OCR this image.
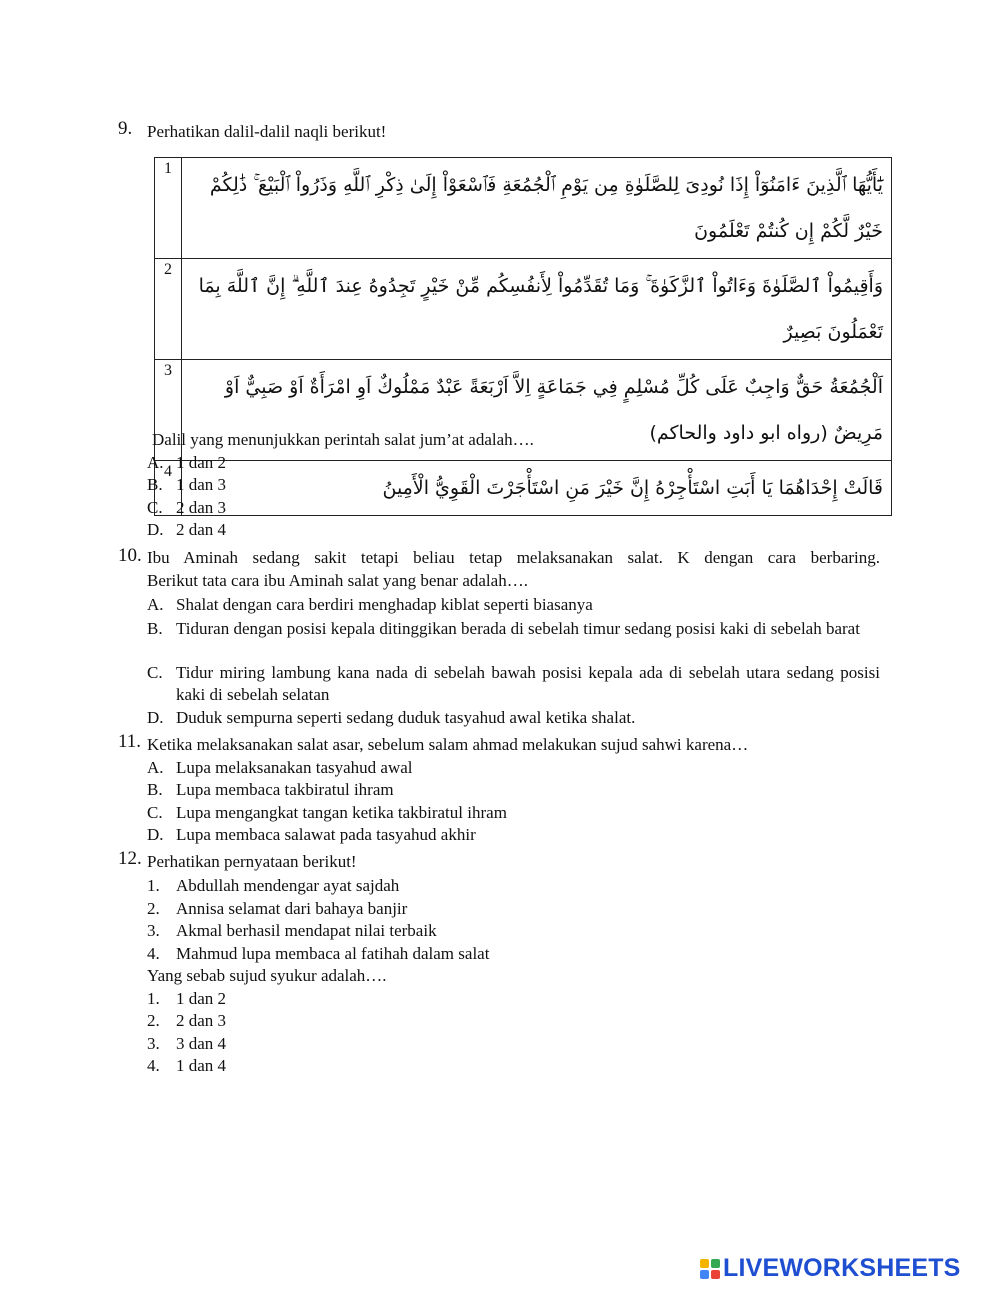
9. Perhatikan dalil-dalil naqli berikut!
1	يَٰٓأَيُّهَا ٱلَّذِينَ ءَامَنُوٓاْ إِذَا نُودِىَ لِلصَّلَوٰةِ مِن يَوْمِ ٱلْجُمُعَةِ فَٱسْعَوْاْ إِلَىٰ ذِكْرِ ٱللَّهِ وَذَرُواْ ٱلْبَيْعَ ۚ ذَٰلِكُمْ خَيْرٌ لَّكُمْ إِن كُنتُمْ تَعْلَمُونَ
2	وَأَقِيمُواْ ٱلصَّلَوٰةَ وَءَاتُواْ ٱلزَّكَوٰةَ ۚ وَمَا تُقَدِّمُواْ لِأَنفُسِكُم مِّنْ خَيْرٍ تَجِدُوهُ عِندَ ٱللَّهِ ۗ إِنَّ ٱللَّهَ بِمَا تَعْمَلُونَ بَصِيرٌ
3	اَلْجُمُعَةُ حَقٌّ وَاجِبٌ عَلَى كُلِّ مُسْلِمٍ فِي جَمَاعَةٍ اِلاَّ اَرْبَعَةً عَبْدٌ مَمْلُوكٌ اَوِ امْرَأَةٌ اَوْ صَبِيٌّ اَوْ مَرِيضٌ (رواه ابو داود والحاكم)
4	قَالَتْ إِحْدَاهُمَا يَا أَبَتِ اسْتَأْجِرْهُ إِنَّ خَيْرَ مَنِ اسْتَأْجَرْتَ الْقَوِيُّ الْأَمِينُ
Dalil yang menunjukkan perintah salat jum’at adalah….
A. 1 dan 2
B. 1 dan 3
C. 2 dan 3
D. 2 dan 4
10. Ibu Aminah sedang sakit tetapi beliau tetap melaksanakan salat. K dengan cara berbaring.
Berikut tata cara ibu Aminah salat yang benar adalah….
A. Shalat dengan cara berdiri menghadap kiblat seperti biasanya
B. Tiduran dengan posisi kepala ditinggikan berada di sebelah timur sedang posisi kaki di sebelah barat
C. Tidur miring lambung kana nada di sebelah bawah posisi kepala ada di sebelah utara sedang posisi kaki di sebelah selatan
D. Duduk sempurna seperti sedang duduk tasyahud awal ketika shalat.
11. Ketika melaksanakan salat asar, sebelum salam ahmad melakukan sujud sahwi karena…
A. Lupa melaksanakan tasyahud awal
B. Lupa membaca takbiratul ihram
C. Lupa mengangkat tangan ketika takbiratul ihram
D. Lupa membaca salawat pada tasyahud akhir
12. Perhatikan pernyataan berikut!
1. Abdullah mendengar ayat sajdah
2. Annisa selamat dari bahaya banjir
3. Akmal berhasil mendapat nilai terbaik
4. Mahmud lupa membaca al fatihah dalam salat
Yang sebab sujud syukur adalah….
1. 1 dan 2
2. 2 dan 3
3. 3 dan 4
4. 1 dan 4
LIVEWORKSHEETS
